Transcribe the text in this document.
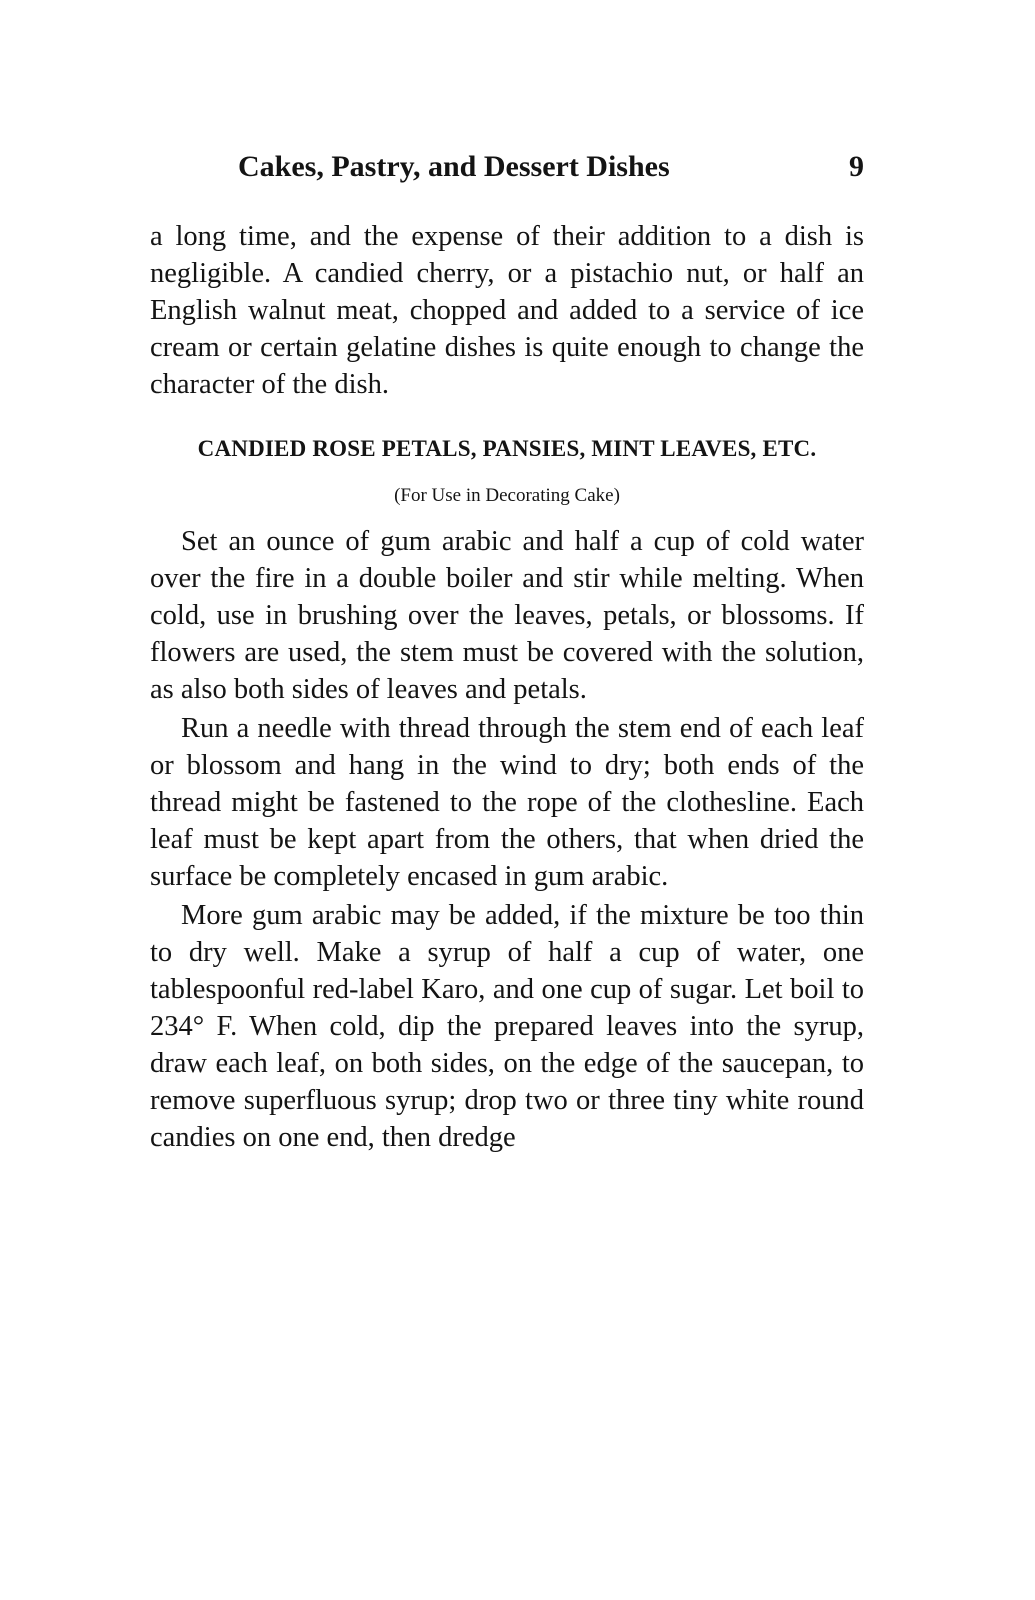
Cakes, Pastry, and Dessert Dishes	9

a long time, and the expense of their addition to a dish is negligible. A candied cherry, or a pistachio nut, or half an English walnut meat, chopped and added to a service of ice cream or certain gelatine dishes is quite enough to change the character of the dish.

CANDIED ROSE PETALS, PANSIES, MINT LEAVES, ETC.
(For Use in Decorating Cake)

Set an ounce of gum arabic and half a cup of cold water over the fire in a double boiler and stir while melting. When cold, use in brushing over the leaves, petals, or blossoms. If flowers are used, the stem must be covered with the solution, as also both sides of leaves and petals.

Run a needle with thread through the stem end of each leaf or blossom and hang in the wind to dry; both ends of the thread might be fastened to the rope of the clothesline. Each leaf must be kept apart from the others, that when dried the surface be completely encased in gum arabic.

More gum arabic may be added, if the mixture be too thin to dry well. Make a syrup of half a cup of water, one tablespoonful red-label Karo, and one cup of sugar. Let boil to 234° F. When cold, dip the prepared leaves into the syrup, draw each leaf, on both sides, on the edge of the saucepan, to remove superfluous syrup; drop two or three tiny white round candies on one end, then dredge
